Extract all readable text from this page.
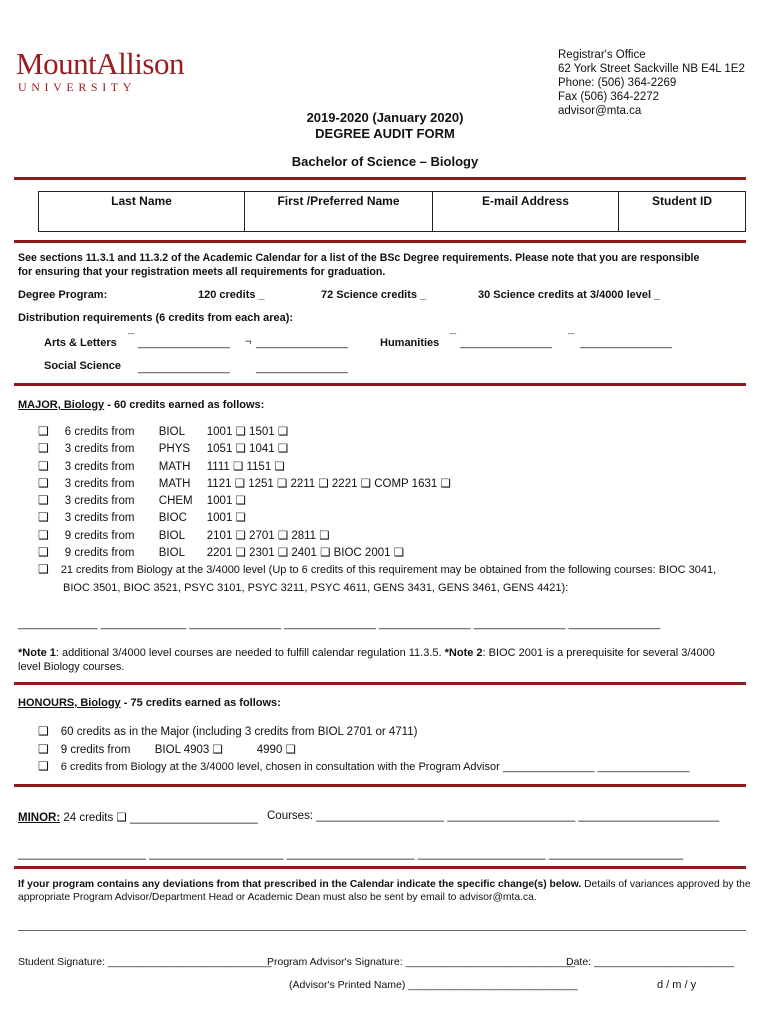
MountAllison
UNIVERSITY
Registrar's Office
62 York Street Sackville NB E4L 1E2
Phone: (506) 364-2269
Fax (506) 364-2272
advisor@mta.ca
2019-2020 (January 2020)
DEGREE AUDIT FORM
Bachelor of Science – Biology
Last Name	First /Preferred Name	E-mail Address	Student ID
See sections 11.3.1 and 11.3.2 of the Academic Calendar for a list of the BSc Degree requirements. Please note that you are responsible
for ensuring that your registration meets all requirements for graduation.
Degree Program:	120 credits _	72 Science credits _	30 Science credits at 3/4000 level _
Distribution requirements (6 credits from each area):
Arts & Letters ¯ _______________ ¬ _______________	Humanities ¯ _______________ ¯ _______________
Social Science _______________ _______________
MAJOR, Biology - 60 credits earned as follows:
❑ 6 credits from	BIOL	1001 ❑ 1501 ❑
❑ 3 credits from	PHYS	1051 ❑ 1041 ❑
❑ 3 credits from	MATH	1111 ❑ 1151 ❑
❑ 3 credits from	MATH	1121 ❑ 1251 ❑ 2211 ❑ 2221 ❑ COMP 1631 ❑
❑ 3 credits from	CHEM	1001 ❑
❑ 3 credits from	BIOC	1001 ❑
❑ 9 credits from	BIOL	2101 ❑ 2701 ❑ 2811 ❑
❑ 9 credits from	BIOL	2201 ❑ 2301 ❑ 2401 ❑ BIOC 2001 ❑
❑ 21 credits from Biology at the 3/4000 level (Up to 6 credits of this requirement may be obtained from the following courses: BIOC 3041,
BIOC 3501, BIOC 3521, PSYC 3101, PSYC 3211, PSYC 4611, GENS 3431, GENS 3461, GENS 4421):
_____________ ______________ _______________ _______________ _______________ _______________ _______________
*Note 1: additional 3/4000 level courses are needed to fulfill calendar regulation 11.3.5. *Note 2: BIOC 2001 is a prerequisite for several 3/4000
level Biology courses.
HONOURS, Biology - 75 credits earned as follows:
❑ 60 credits as in the Major (including 3 credits from BIOL 2701 or 4711)
❑ 9 credits from	BIOL 4903 ❑	4990 ❑
❑ 6 credits from Biology at the 3/4000 level, chosen in consultation with the Program Advisor _______________ _______________
MINOR: 24 credits ❑ ____________________ Courses: ____________________ ____________________ ______________________
____________________ _____________________ ____________________ ____________________ _____________________
If your program contains any deviations from that prescribed in the Calendar indicate the specific change(s) below. Details of variances approved by the
appropriate Program Advisor/Department Head or Academic Dean must also be sent by email to advisor@mta.ca.
Student Signature: ____________________________
Program Advisor's Signature: _____________________________
Date: ________________________
(Advisor's Printed Name) _____________________________	d / m / y
